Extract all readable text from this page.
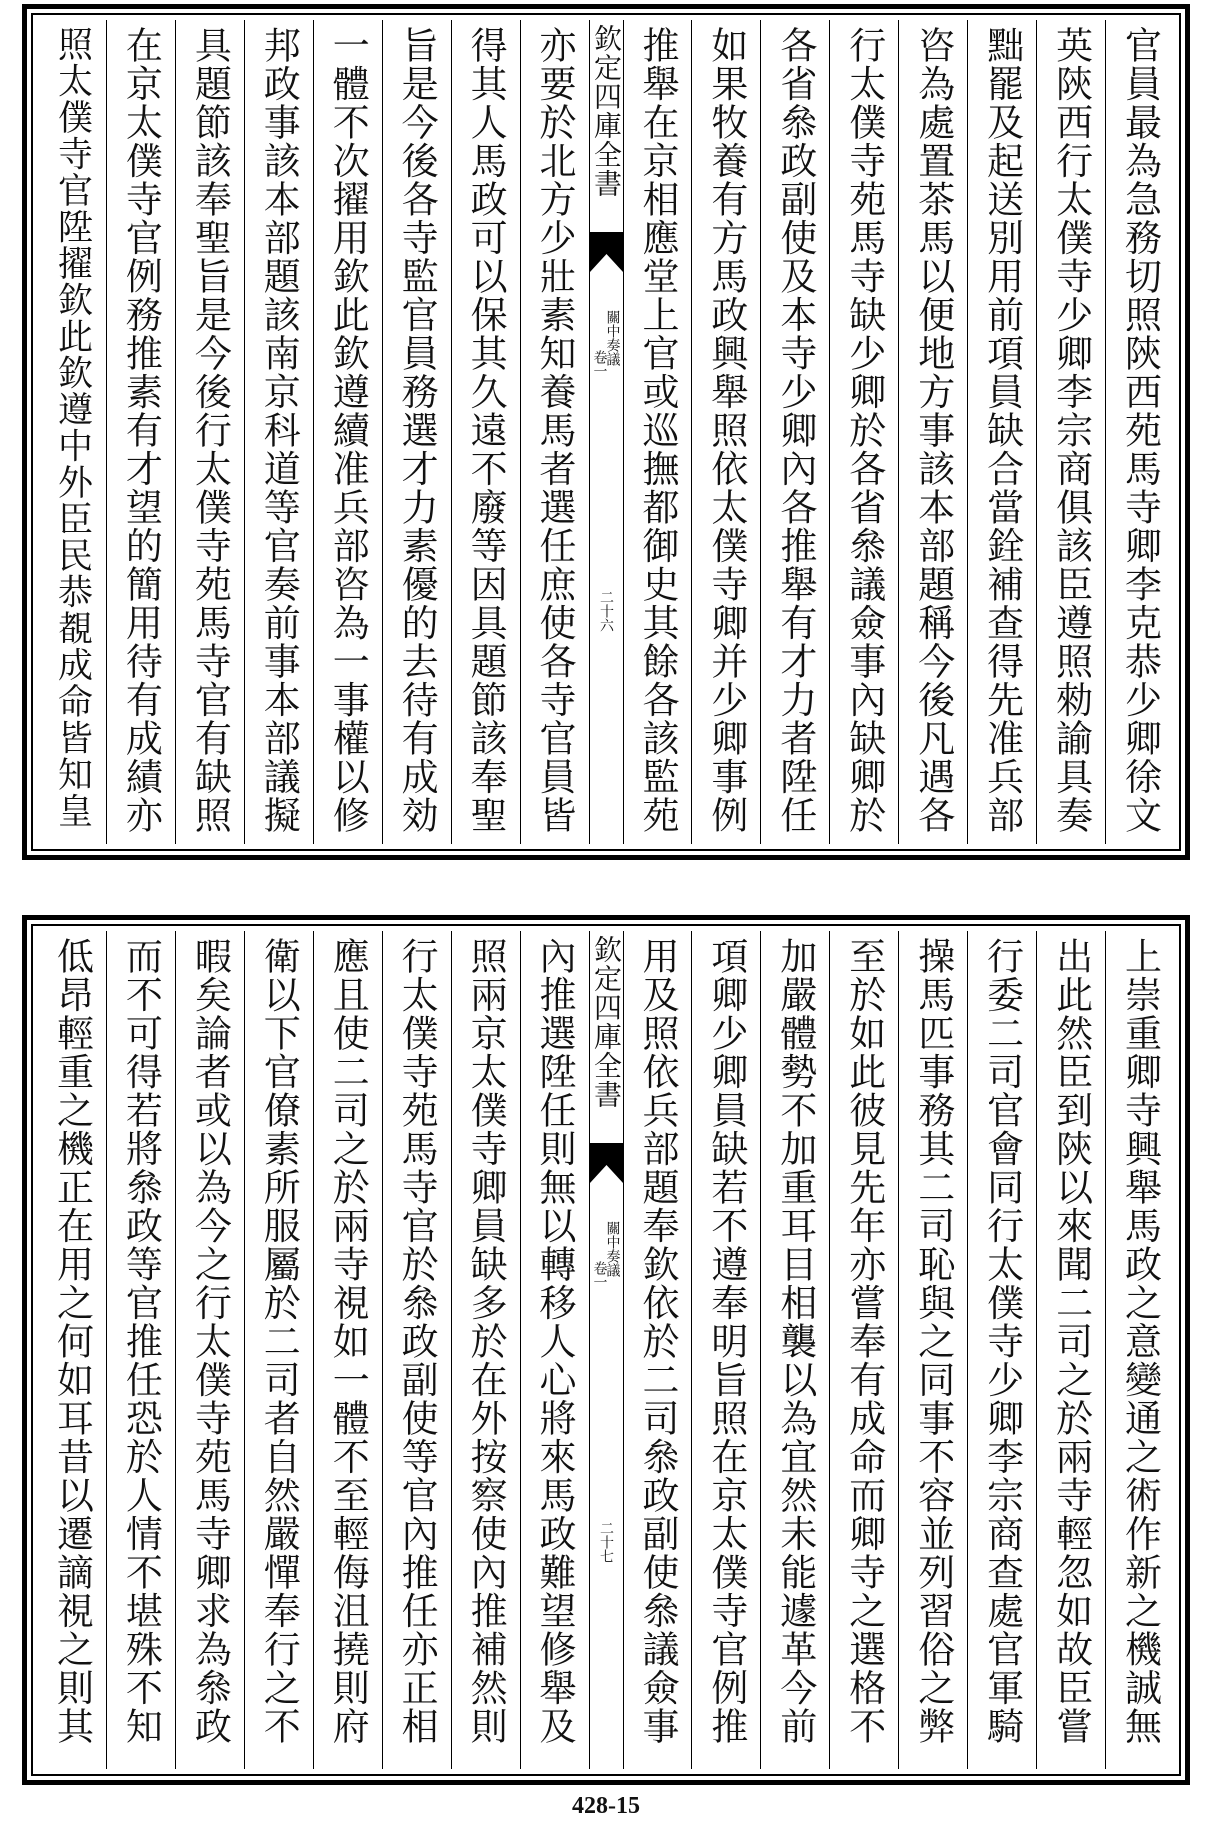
官員最為急務切照陝西苑馬寺卿李克恭少卿徐文
英陝西行太僕寺少卿李宗商俱該臣遵照勑諭具奏
黜罷及起送別用前項員缺合當銓補查得先准兵部
咨為處置茶馬以便地方事該本部題稱今後凡遇各
行太僕寺苑馬寺缺少卿於各省叅議僉事內缺卿於
各省叅政副使及本寺少卿內各推舉有才力者陞任
如果牧養有方馬政興舉照依太僕寺卿并少卿事例
推舉在京相應堂上官或巡撫都御史其餘各該監苑
欽定四庫全書
關中奏議
卷一
二十六
亦要於北方少壯素知養馬者選任庶使各寺官員皆
得其人馬政可以保其久遠不廢等因具題節該奉聖
旨是今後各寺監官員務選才力素優的去待有成効
一體不次擢用欽此欽遵續准兵部咨為一事權以修
邦政事該本部題該南京科道等官奏前事本部議擬
具題節該奉聖旨是今後行太僕寺苑馬寺官有缺照
在京太僕寺官例務推素有才望的簡用待有成績亦
照太僕寺官陞擢欽此欽遵中外臣民恭覩成命皆知皇
上崇重卿寺興舉馬政之意變通之術作新之機誠無
出此然臣到陝以來聞二司之於兩寺輕忽如故臣嘗
行委二司官會同行太僕寺少卿李宗商查處官軍騎
操馬匹事務其二司恥與之同事不容並列習俗之弊
至於如此彼見先年亦嘗奉有成命而卿寺之選格不
加嚴體勢不加重耳目相襲以為宜然未能遽革今前
項卿少卿員缺若不遵奉明旨照在京太僕寺官例推
用及照依兵部題奉欽依於二司叅政副使叅議僉事
欽定四庫全書
關中奏議
卷一
二十七
內推選陞任則無以轉移人心將來馬政難望修舉及
照兩京太僕寺卿員缺多於在外按察使內推補然則
行太僕寺苑馬寺官於叅政副使等官內推任亦正相
應且使二司之於兩寺視如一體不至輕侮沮撓則府
衛以下官僚素所服屬於二司者自然嚴憚奉行之不
暇矣論者或以為今之行太僕寺苑馬寺卿求為叅政
而不可得若將叅政等官推任恐於人情不堪殊不知
低昂輕重之機正在用之何如耳昔以遷謫視之則其
428-15
